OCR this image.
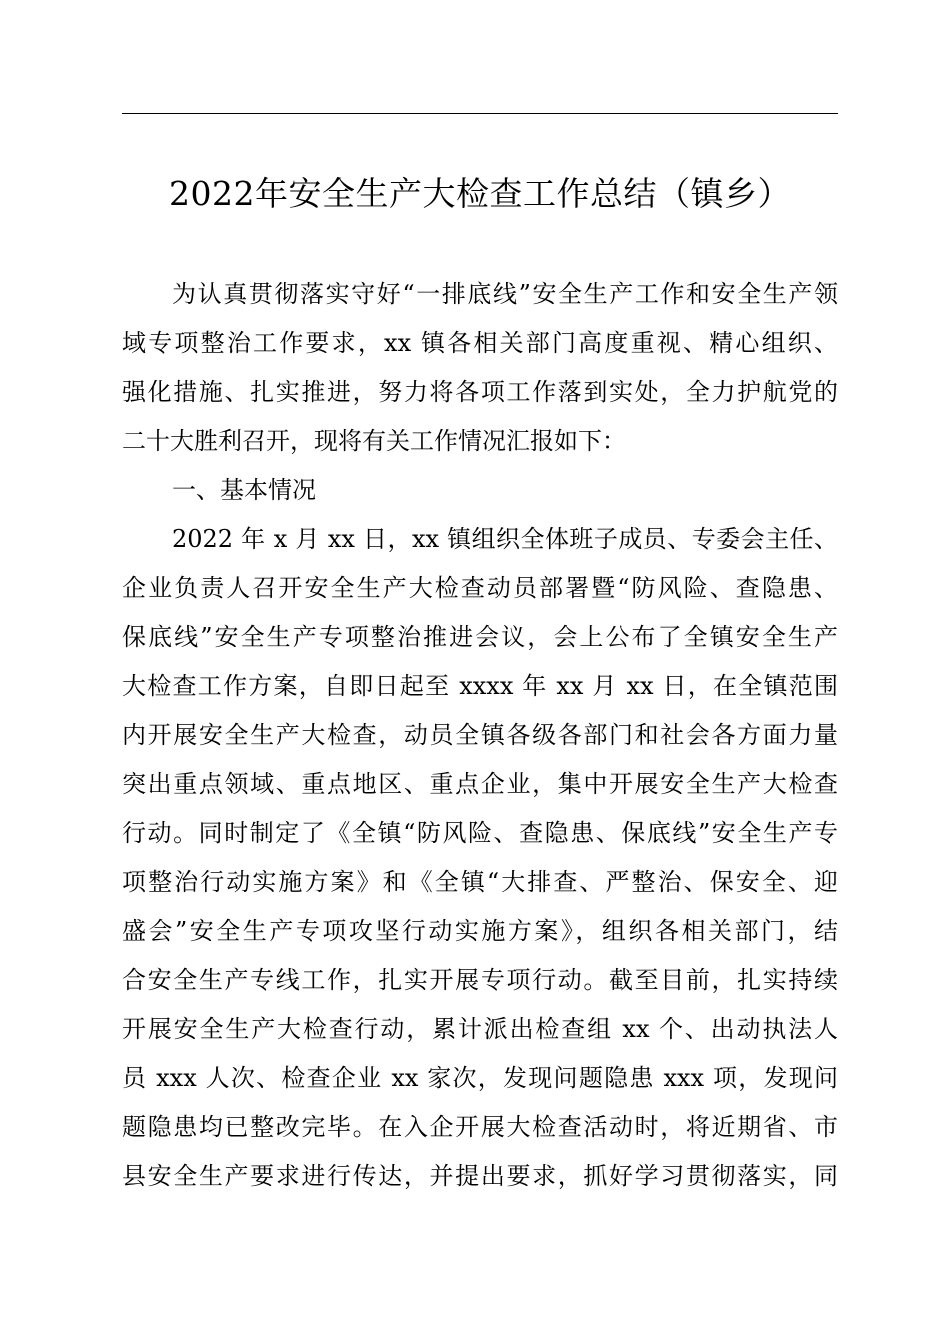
2022年安全生产大检查工作总结（镇乡）
为认真贯彻落实守好“一排底线”安全生产工作和安全生产领
域专项整治工作要求，xx 镇各相关部门高度重视、精心组织、
强化措施、扎实推进，努力将各项工作落到实处，全力护航党的
二十大胜利召开，现将有关工作情况汇报如下：
一、基本情况
2022 年 x 月 xx 日，xx 镇组织全体班子成员、专委会主任、
企业负责人召开安全生产大检查动员部署暨“防风险、查隐患、
保底线”安全生产专项整治推进会议，会上公布了全镇安全生产
大检查工作方案，自即日起至 xxxx 年 xx 月 xx 日，在全镇范围
内开展安全生产大检查，动员全镇各级各部门和社会各方面力量
突出重点领域、重点地区、重点企业，集中开展安全生产大检查
行动。同时制定了《全镇“防风险、查隐患、保底线”安全生产专
项整治行动实施方案》和《全镇“大排查、严整治、保安全、迎
盛会”安全生产专项攻坚行动实施方案》，组织各相关部门，结
合安全生产专线工作，扎实开展专项行动。截至目前，扎实持续
开展安全生产大检查行动，累计派出检查组 xx 个、出动执法人
员 xxx 人次、检查企业 xx 家次，发现问题隐患 xxx 项，发现问
题隐患均已整改完毕。在入企开展大检查活动时，将近期省、市
县安全生产要求进行传达，并提出要求，抓好学习贯彻落实，同
